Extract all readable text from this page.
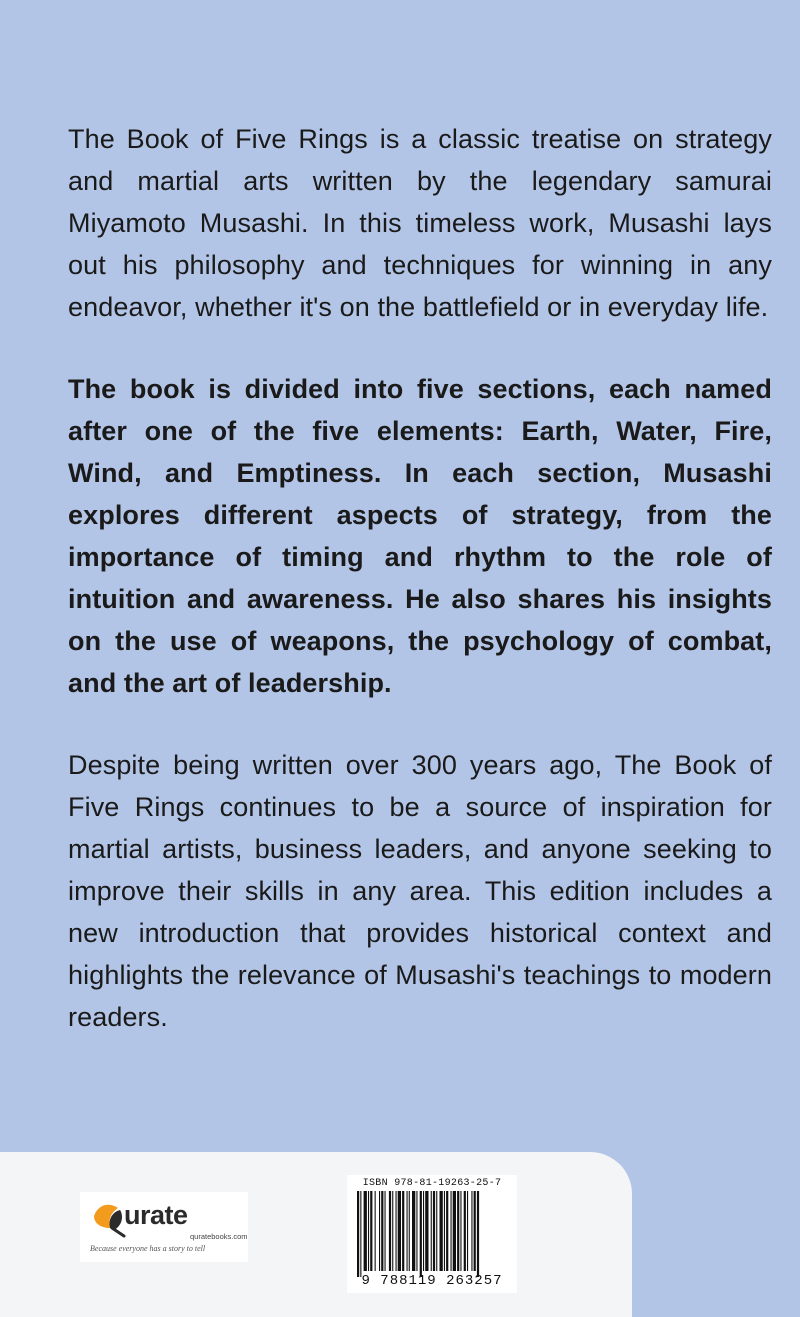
The Book of Five Rings is a classic treatise on strategy and martial arts written by the legendary samurai Miyamoto Musashi. In this timeless work, Musashi lays out his philosophy and techniques for winning in any endeavor, whether it's on the battlefield or in everyday life.

The book is divided into five sections, each named after one of the five elements: Earth, Water, Fire, Wind, and Emptiness. In each section, Musashi explores different aspects of strategy, from the importance of timing and rhythm to the role of intuition and awareness. He also shares his insights on the use of weapons, the psychology of combat, and the art of leadership.

Despite being written over 300 years ago, The Book of Five Rings continues to be a source of inspiration for martial artists, business leaders, and anyone seeking to improve their skills in any area. This edition includes a new introduction that provides historical context and highlights the relevance of Musashi's teachings to modern readers.

urate
quratebooks.com
Because everyone has a story to tell
ISBN 978-81-19263-25-7
9 788119 263257
